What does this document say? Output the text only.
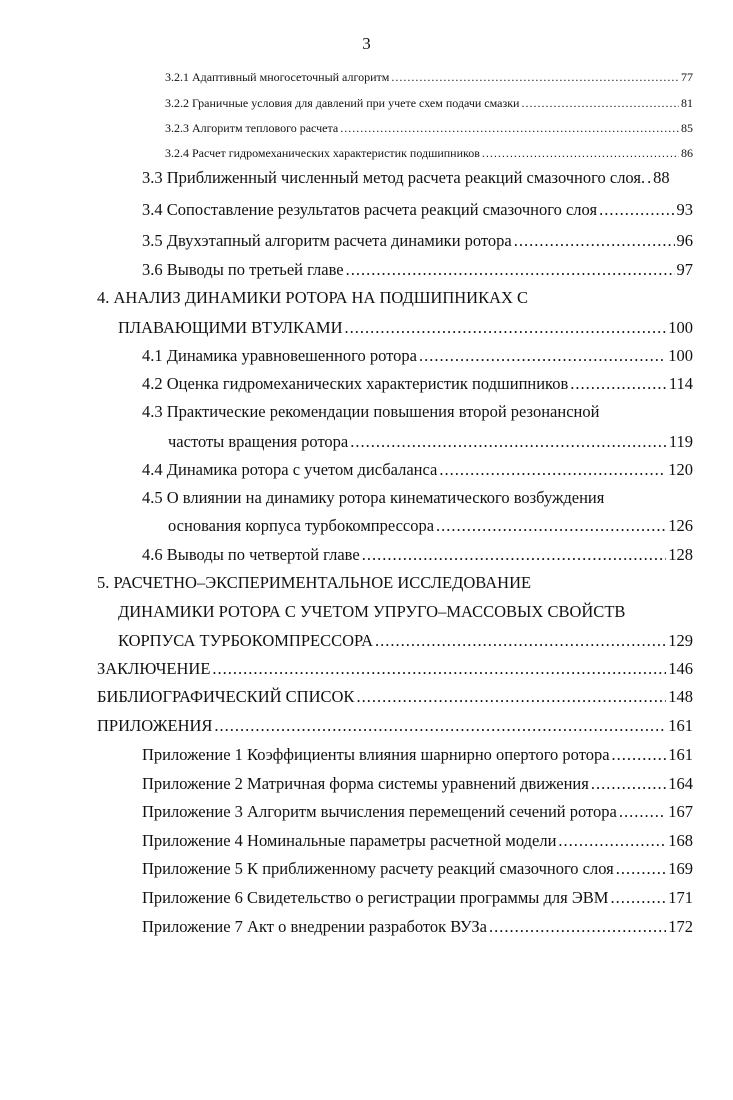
3
3.2.1 Адаптивный многосеточный алгоритм .....	77
3.2.2 Граничные условия для давлений при учете схем подачи смазки .....	81
3.2.3 Алгоритм теплового расчета .....	85
3.2.4 Расчет гидромеханических характеристик подшипников .....	86
3.3 Приближенный численный метод расчета реакций смазочного слоя. ..... 88
3.4 Сопоставление результатов расчета реакций смазочного слоя .....	93
3.5 Двухэтапный алгоритм расчета динамики ротора .....	96
3.6 Выводы по третьей главе .....	97
4. АНАЛИЗ ДИНАМИКИ РОТОРА НА ПОДШИПНИКАХ С
ПЛАВАЮЩИМИ ВТУЛКАМИ .....	100
4.1 Динамика уравновешенного ротора .....	100
4.2 Оценка гидромеханических характеристик подшипников .....	114
4.3 Практические рекомендации повышения второй резонансной
частоты вращения ротора .....	119
4.4 Динамика ротора с учетом дисбаланса .....	120
4.5 О влиянии на динамику ротора кинематического возбуждения
основания корпуса турбокомпрессора .....	126
4.6 Выводы по четвертой главе .....	128
5. РАСЧЕТНО–ЭКСПЕРИМЕНТАЛЬНОЕ ИССЛЕДОВАНИЕ
ДИНАМИКИ РОТОРА С УЧЕТОМ УПРУГО–МАССОВЫХ СВОЙСТВ
КОРПУСА ТУРБОКОМПРЕССОРА .....	129
ЗАКЛЮЧЕНИЕ .....	146
БИБЛИОГРАФИЧЕСКИЙ СПИСОК .....	148
ПРИЛОЖЕНИЯ .....	161
Приложение 1 Коэффициенты влияния шарнирно опертого ротора .....	161
Приложение 2 Матричная форма системы уравнений движения .....	164
Приложение 3 Алгоритм вычисления перемещений сечений ротора .....	167
Приложение 4 Номинальные параметры расчетной модели .....	168
Приложение 5 К приближенному расчету реакций смазочного слоя .....	169
Приложение 6 Свидетельство о регистрации программы для ЭВМ .....	171
Приложение 7 Акт о внедрении разработок ВУЗа .....	172
